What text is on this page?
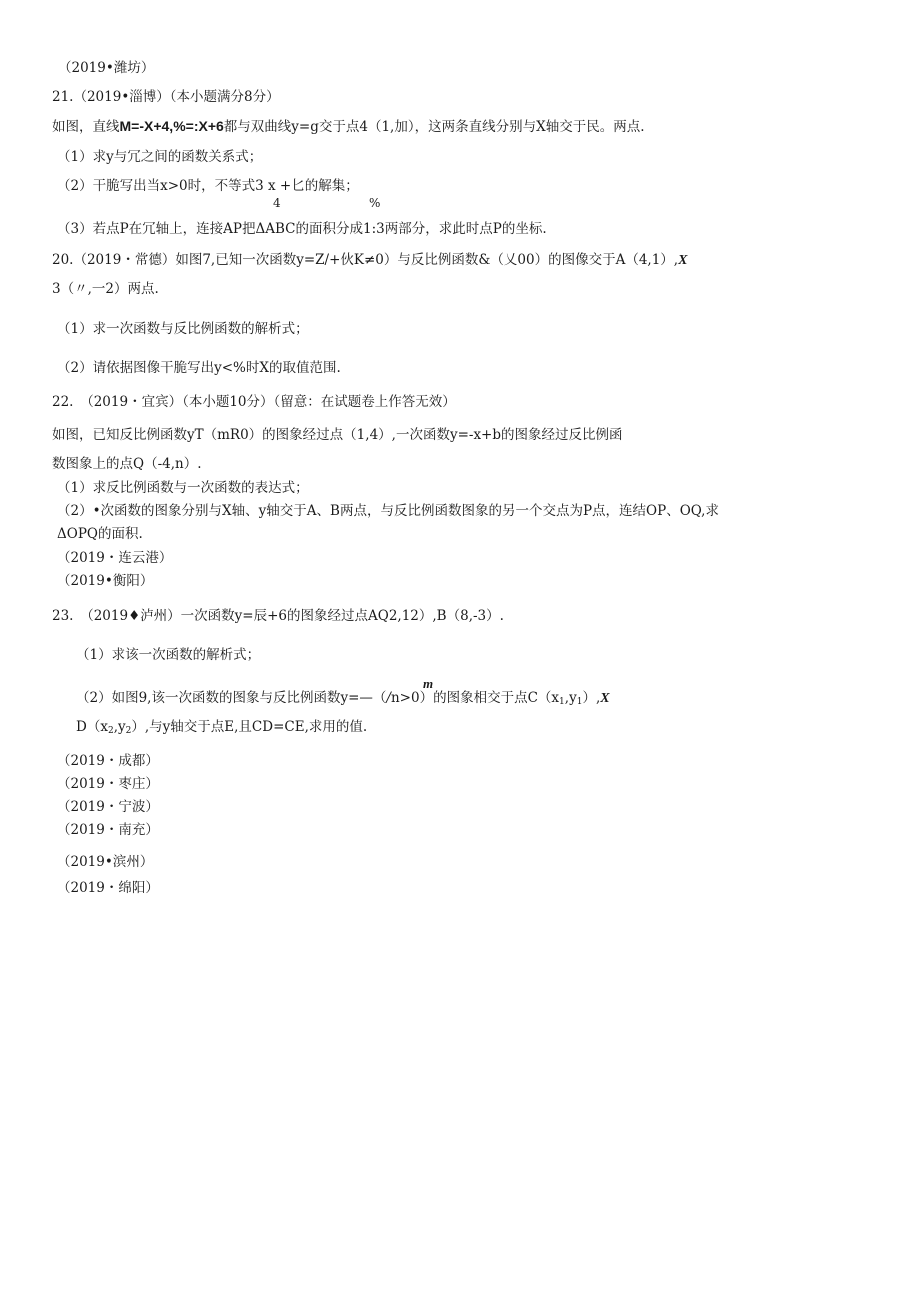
（2019•潍坊）
21.（2019•淄博）（本小题满分8分）
如图，直线M=-X+4,%=:X+6都与双曲线y=g交于点4（1,加），这两条直线分别与X轴交于民。两点.
（1）求y与冗之间的函数关系式；
（2）干脆写出当x>0时，不等式3 x +匕的解集；
4	%
（3）若点P在冗轴上，连接AP把ΔABC的面积分成1:3两部分，求此时点P的坐标.
20.（2019・常德）如图7,已知一次函数y=Z/+伙K≠0）与反比例函数&（乂00）的图像交于A（4,1）,X
3（〃,一2）两点.
（1）求一次函数与反比例函数的解析式；
（2）请依据图像干脆写出y<%时X的取值范围.
22.　（2019・宜宾）（本小题10分）（留意：在试题卷上作答无效）
如图，已知反比例函数yT（mR0）的图象经过点（1,4）,一次函数y=-x+b的图象经过反比例函
数图象上的点Q（-4,n）.
（1）求反比例函数与一次函数的表达式；
（2）•次函数的图象分别与X轴、y轴交于A、B两点，与反比例函数图象的另一个交点为P点，连结OP、OQ,求
ΔOPQ的面积.
（2019・连云港）
（2019•衡阳）
23.　（2019♦泸州）一次函数y=辰+6的图象经过点AQ2,12）,B（8,-3）.
（1）求该一次函数的解析式；
m
（2）如图9,该一次函数的图象与反比例函数y=—（/n>0）的图象相交于点$C(x_1,y_1),X$
$D(x_2,y_2)$,与y轴交于点E,且CD=CE,求用的值.
（2019・成都）
（2019・枣庄）
（2019・宁波）
（2019・南充）
（2019•滨州）
（2019・绵阳）
